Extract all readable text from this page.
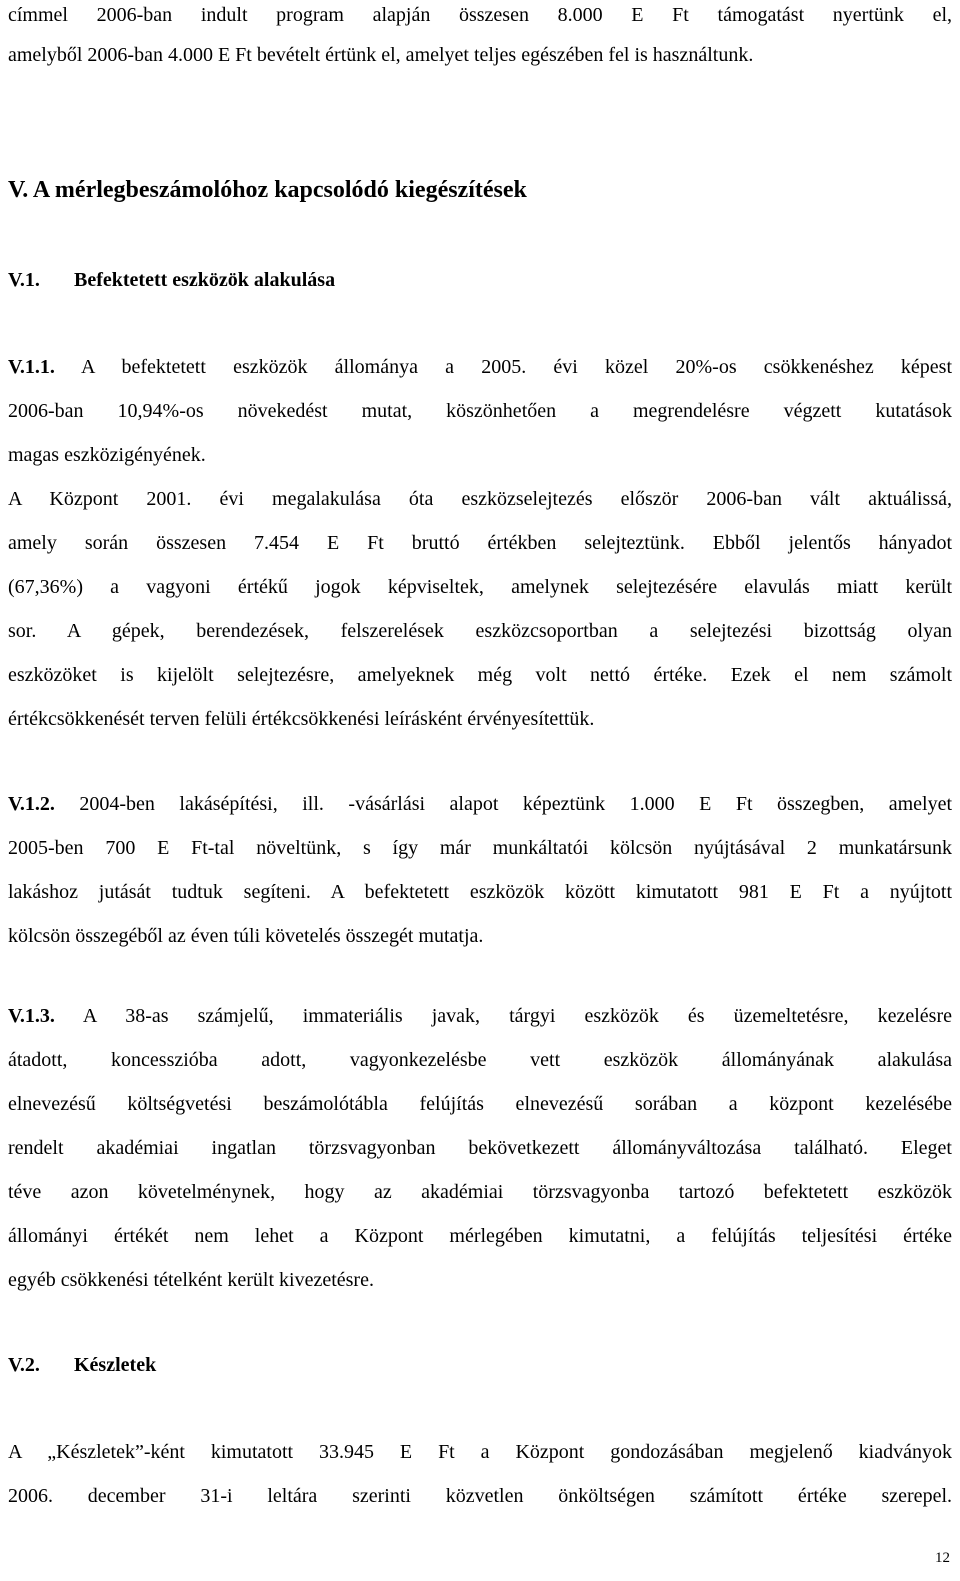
címmel 2006-ban indult program alapján összesen 8.000 E Ft támogatást nyertünk el,
amelyből 2006-ban 4.000 E Ft bevételt értünk el, amelyet teljes egészében fel is használtunk.
V. A mérlegbeszámolóhoz kapcsolódó kiegészítések
V.1. Befektetett eszközök alakulása
V.1.1. A befektetett eszközök állománya a 2005. évi közel 20%-os csökkenéshez képest
2006-ban 10,94%-os növekedést mutat, köszönhetően a megrendelésre végzett kutatások
magas eszközigényének.
A Központ 2001. évi megalakulása óta eszközselejtezés először 2006-ban vált aktuálissá,
amely során összesen 7.454 E Ft bruttó értékben selejteztünk. Ebből jelentős hányadot
(67,36%) a vagyoni értékű jogok képviseltek, amelynek selejtezésére elavulás miatt került
sor. A gépek, berendezések, felszerelések eszközcsoportban a selejtezési bizottság olyan
eszközöket is kijelölt selejtezésre, amelyeknek még volt nettó értéke. Ezek el nem számolt
értékcsökkenését terven felüli értékcsökkenési leírásként érvényesítettük.
V.1.2. 2004-ben lakásépítési, ill. -vásárlási alapot képeztünk 1.000 E Ft összegben, amelyet
2005-ben 700 E Ft-tal növeltünk, s így már munkáltatói kölcsön nyújtásával 2 munkatársunk
lakáshoz jutását tudtuk segíteni. A befektetett eszközök között kimutatott 981 E Ft a nyújtott
kölcsön összegéből az éven túli követelés összegét mutatja.
V.1.3. A 38-as számjelű, immateriális javak, tárgyi eszközök és üzemeltetésre, kezelésre
átadott, koncesszióba adott, vagyonkezelésbe vett eszközök állományának alakulása
elnevezésű költségvetési beszámolótábla felújítás elnevezésű sorában a központ kezelésébe
rendelt akadémiai ingatlan törzsvagyonban bekövetkezett állományváltozása található. Eleget
téve azon követelménynek, hogy az akadémiai törzsvagyonba tartozó befektetett eszközök
állományi értékét nem lehet a Központ mérlegében kimutatni, a felújítás teljesítési értéke
egyéb csökkenési tételként került kivezetésre.
V.2. Készletek
A „Készletek”-ként kimutatott 33.945 E Ft a Központ gondozásában megjelenő kiadványok
2006. december 31-i leltára szerinti közvetlen önköltségen számított értéke szerepel.
12
